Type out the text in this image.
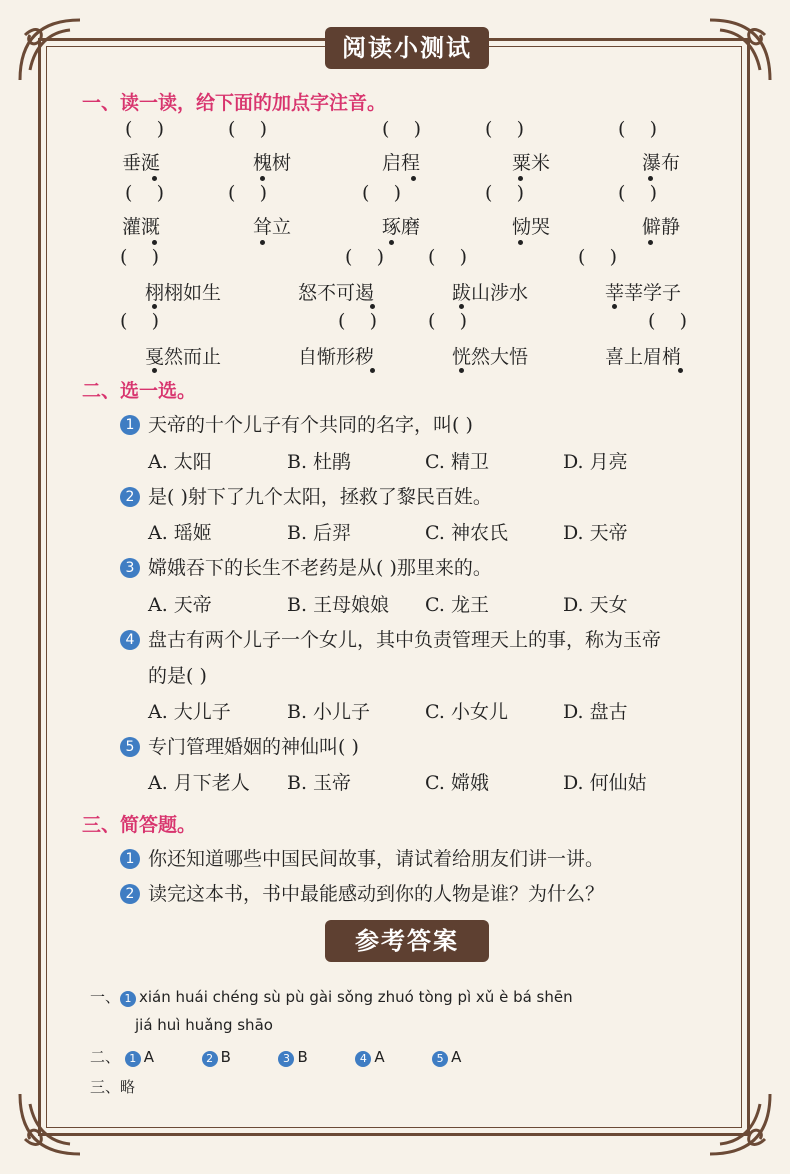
阅读小测试
一、读一读，给下面的加点字注音。
(    )	(    )	(    )	(    )	(    )
垂涎	槐树	启程	粟米	瀑布
(    )	(    )	(    )	(    )	(    )
灌溉	耸立	琢磨	恸哭	僻静
(    )	(    ) (    )	(    )
栩栩如生	怒不可遏	跋山涉水	莘莘学子
(    )	(    )	(    )	(    )
戛然而止	自惭形秽	恍然大悟	喜上眉梢
二、选一选。
1 天帝的十个儿子有个共同的名字，叫( )
A. 太阳	B. 杜鹃	C. 精卫	D. 月亮
2 是( )射下了九个太阳，拯救了黎民百姓。
A. 瑶姬	B. 后羿	C. 神农氏	D. 天帝
3 嫦娥吞下的长生不老药是从( )那里来的。
A. 天帝	B. 王母娘娘 C. 龙王	D. 天女
4 盘古有两个儿子一个女儿，其中负责管理天上的事，称为玉帝
的是( )
A. 大儿子	B. 小儿子	C. 小女儿	D. 盘古
5 专门管理婚姻的神仙叫( )
A. 月下老人 B. 玉帝	C. 嫦娥	D. 何仙姑
三、简答题。
1 你还知道哪些中国民间故事，请试着给朋友们讲一讲。
2 读完这本书，书中最能感动到你的人物是谁？为什么？
参考答案
一、 1 xián huái chéng sù pù gài sǒng zhuó tòng pì xǔ è bá shēn
jiá huì huǎng shāo
二、 1 A	2 B	3 B	4 A	5 A
三、略
